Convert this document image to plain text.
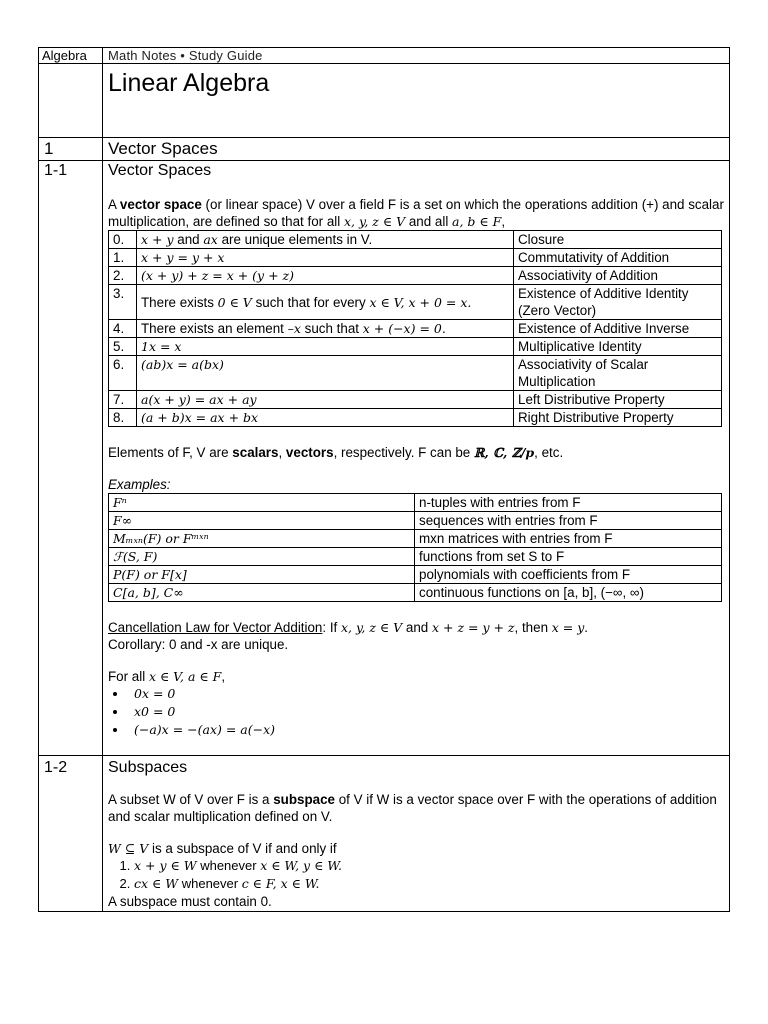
Algebra	Math Notes • Study Guide

Linear Algebra

1	Vector Spaces
1-1	Vector Spaces

A vector space (or linear space) V over a field F is a set on which the operations addition (+) and scalar multiplication, are defined so that for all x, y, z ∈ V and all a, b ∈ F,

0.	x + y and ax are unique elements in V.	Closure
1.	x + y = y + x	Commutativity of Addition
2.	(x + y) + z = x + (y + z)	Associativity of Addition
3.	There exists 0 ∈ V such that for every x ∈ V, x + 0 = x.	Existence of Additive Identity (Zero Vector)
4.	There exists an element –x such that x + (−x) = 0.	Existence of Additive Inverse
5.	1x = x	Multiplicative Identity
6.	(ab)x = a(bx)	Associativity of Scalar Multiplication
7.	a(x + y) = ax + ay	Left Distributive Property
8.	(a + b)x = ax + bx	Right Distributive Property

Elements of F, V are scalars, vectors, respectively. F can be ℝ, ℂ, ℤ/p, etc.

Examples:

Fⁿ	n-tuples with entries from F
F∞	sequences with entries from F
Mₘₓₙ(F) or Fᵐˣⁿ	mxn matrices with entries from F
ℱ(S, F)	functions from set S to F
P(F) or F[x]	polynomials with coefficients from F
C[a, b], C∞	continuous functions on [a, b], (−∞, ∞)

Cancellation Law for Vector Addition: If x, y, z ∈ V and x + z = y + z, then x = y.

Corollary: 0 and -x are unique.

For all x ∈ V, a ∈ F,

• 0x = 0
• x0 = 0
• (−a)x = −(ax) = a(−x)

1-2	Subspaces

A subset W of V over F is a subspace of V if W is a vector space over F with the operations of addition and scalar multiplication defined on V.

W ⊆ V is a subspace of V if and only if

1. x + y ∈ W whenever x ∈ W, y ∈ W.
2. cx ∈ W whenever c ∈ F, x ∈ W.

A subspace must contain 0.
